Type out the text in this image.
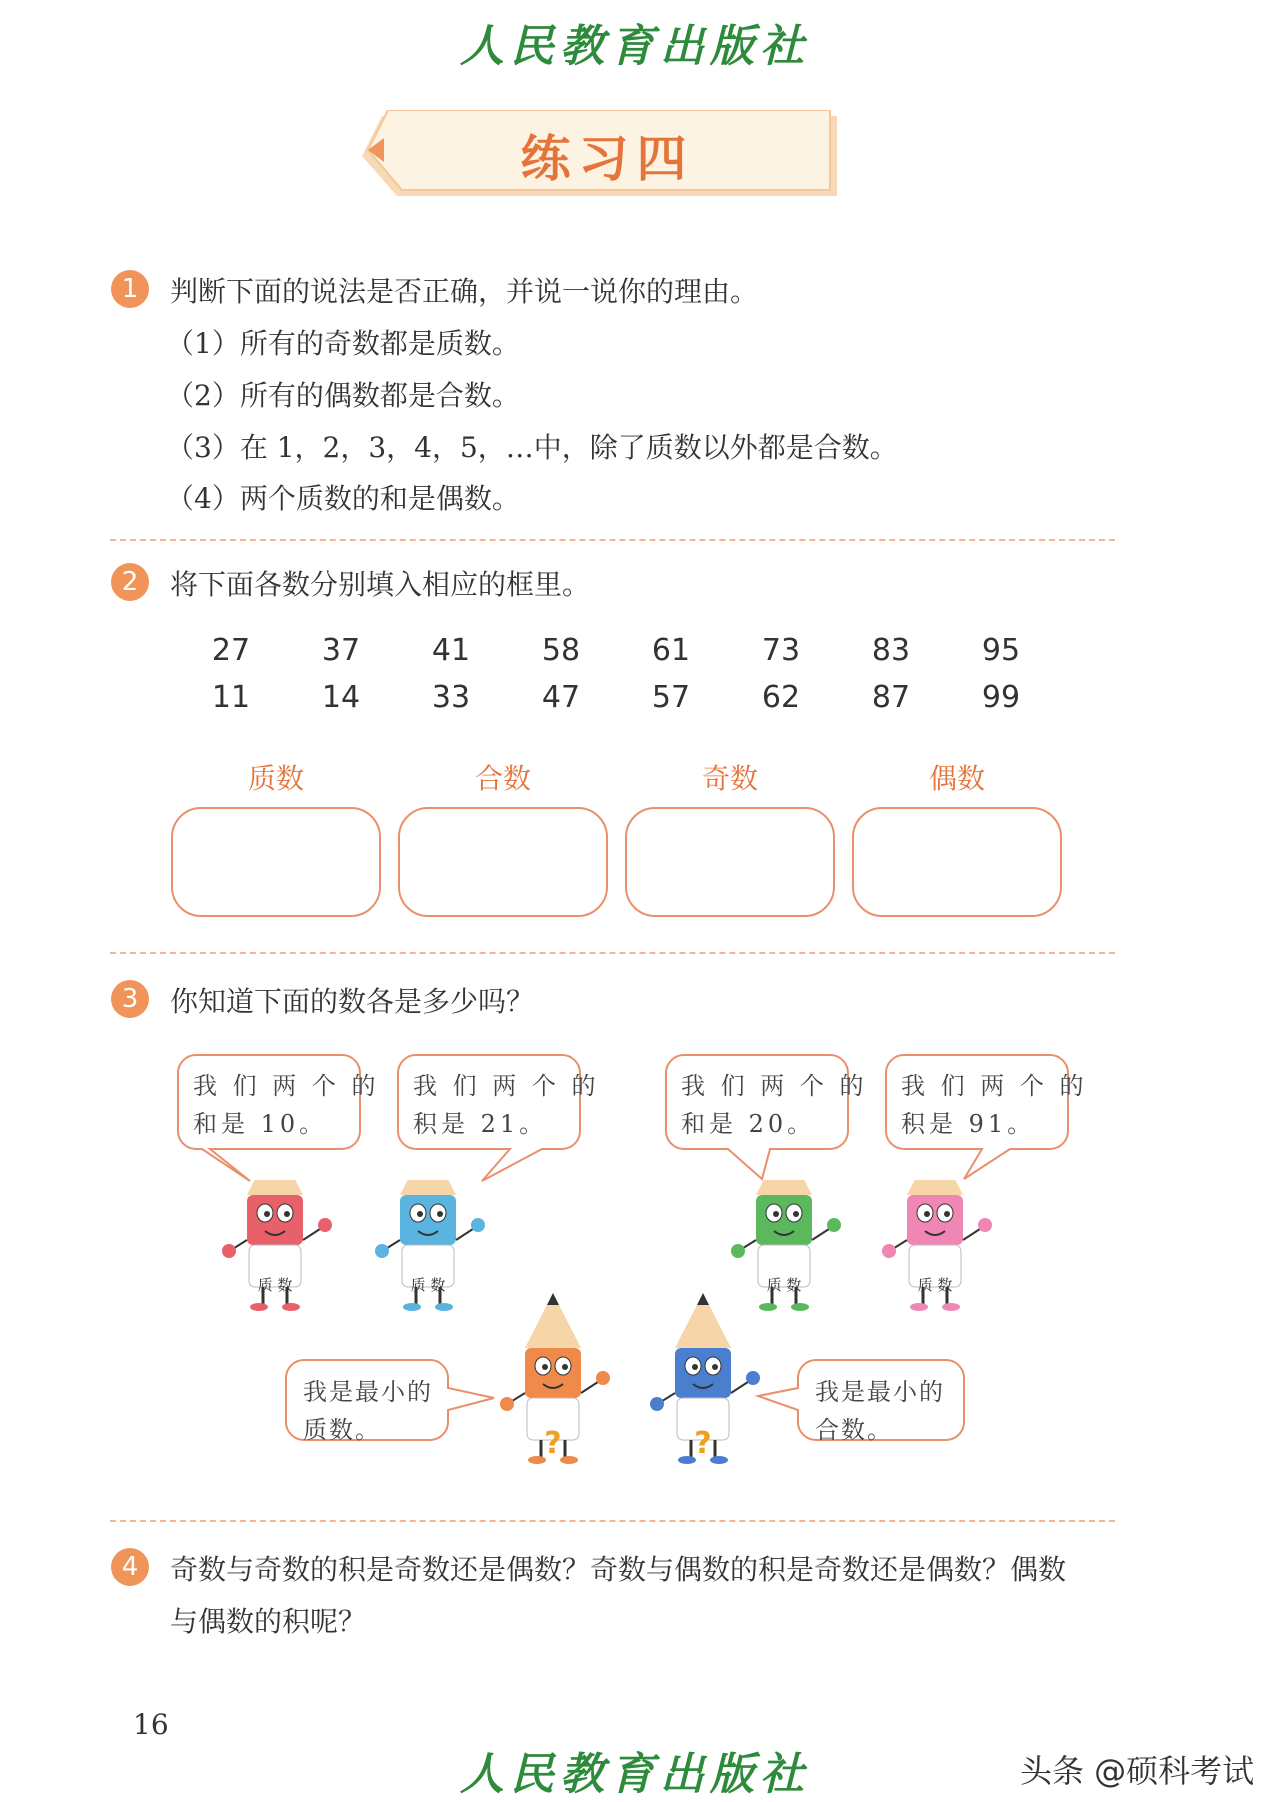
人民教育出版社
练习四
1	判断下面的说法是否正确，并说一说你的理由。
（1）所有的奇数都是质数。
（2）所有的偶数都是合数。
（3）在 1，2，3，4，5，…中，除了质数以外都是合数。
（4）两个质数的和是偶数。
2	将下面各数分别填入相应的框里。
27	37	41	58	61	73	83	95
11	14	33	47	57	62	87	99
质数	合数	奇数	偶数
3	你知道下面的数各是多少吗？
我 们 两 个 的
和是 10。
我 们 两 个 的
积是 21。
我 们 两 个 的
和是 20。
我 们 两 个 的
积是 91。
我是最小的
质数。
我是最小的
合数。
质 数	质 数	质 数	质 数
?	?
4	奇数与奇数的积是奇数还是偶数？奇数与偶数的积是奇数还是偶数？偶数
与偶数的积呢？
16
人民教育出版社	头条 @硕科考试
